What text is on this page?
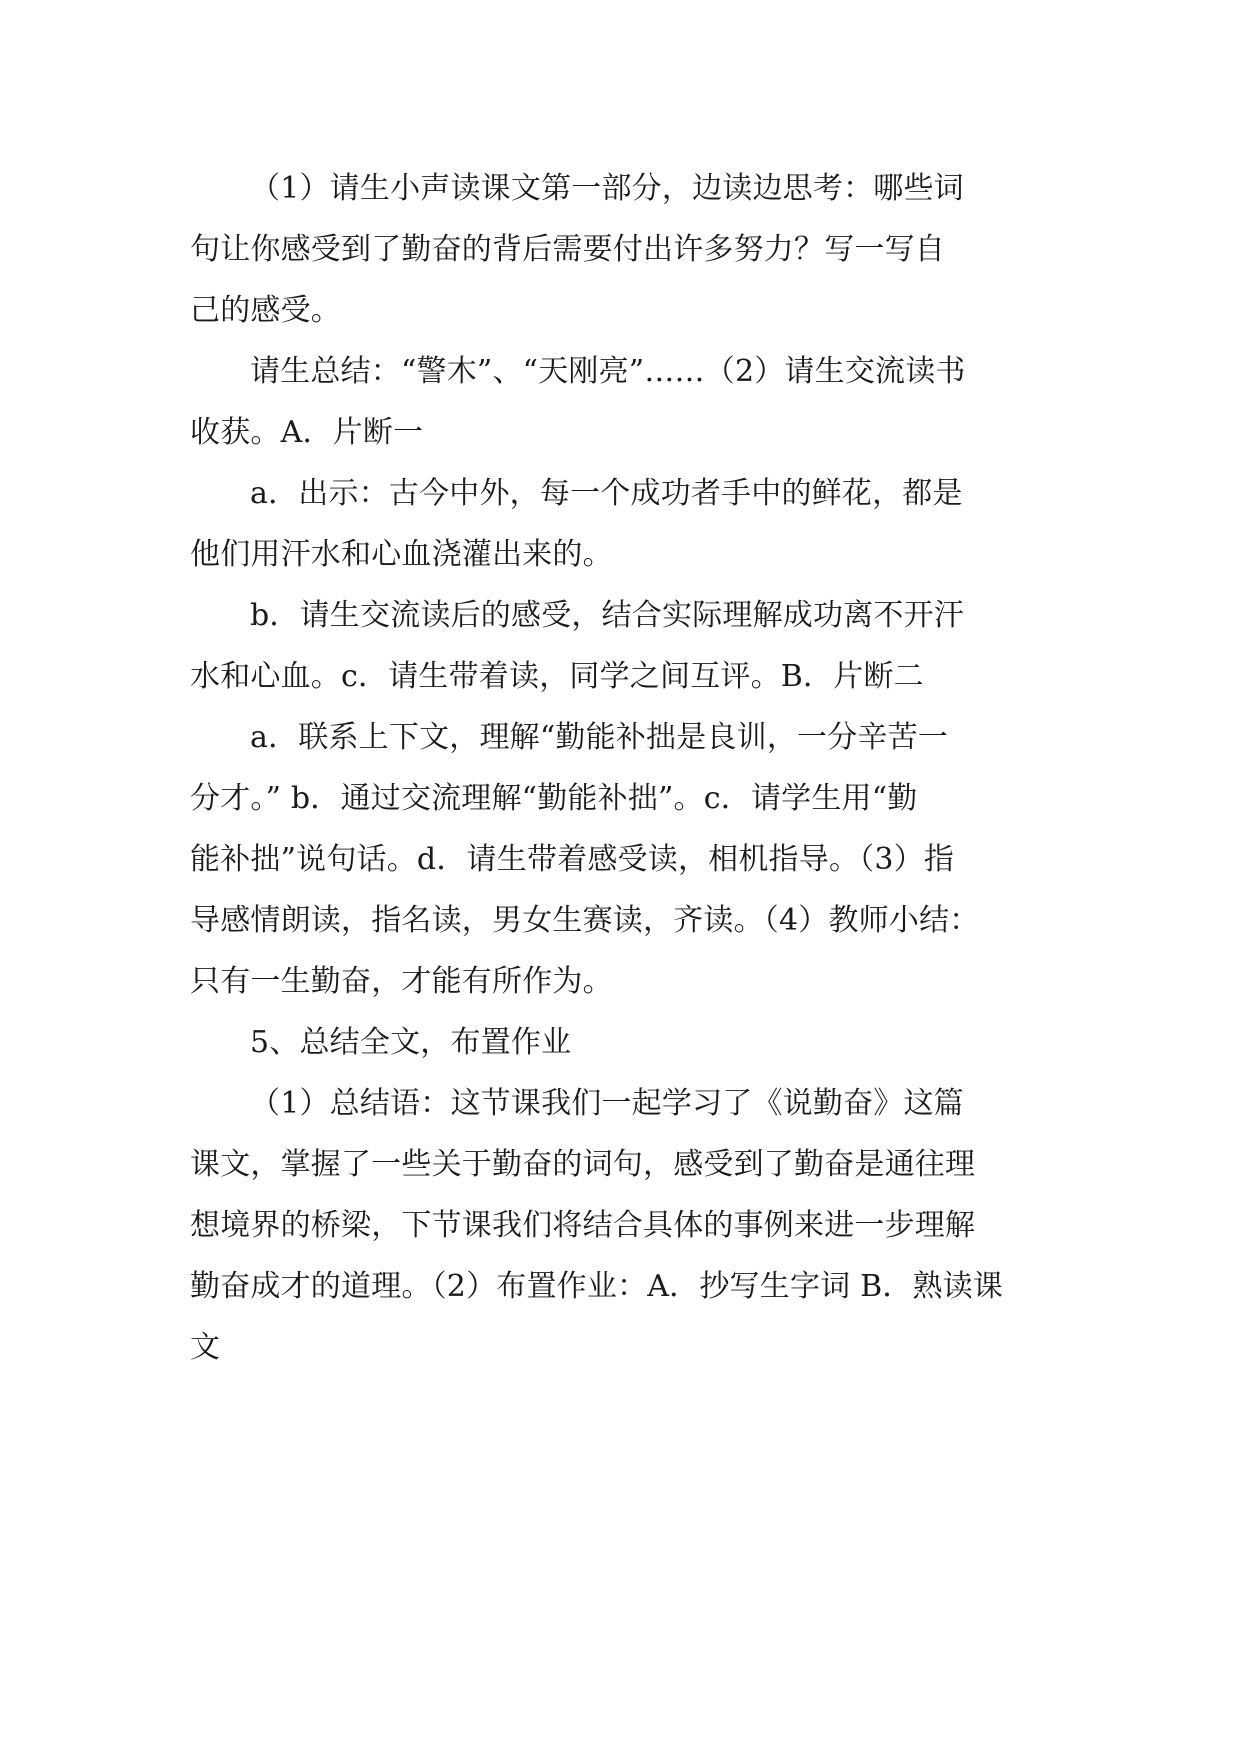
（1）请生小声读课文第一部分，边读边思考：哪些词
句让你感受到了勤奋的背后需要付出许多努力？写一写自
己的感受。
请生总结：“警木”、“天刚亮”……（2）请生交流读书
收获。A．片断一
a．出示：古今中外，每一个成功者手中的鲜花，都是
他们用汗水和心血浇灌出来的。
b．请生交流读后的感受，结合实际理解成功离不开汗
水和心血。c．请生带着读，同学之间互评。B．片断二
a．联系上下文，理解“勤能补拙是良训，一分辛苦一
分才。” b．通过交流理解“勤能补拙”。c．请学生用“勤
能补拙”说句话。d．请生带着感受读，相机指导。（3）指
导感情朗读，指名读，男女生赛读，齐读。（4）教师小结：
只有一生勤奋，才能有所作为。
5、总结全文，布置作业
（1）总结语：这节课我们一起学习了《说勤奋》这篇
课文，掌握了一些关于勤奋的词句，感受到了勤奋是通往理
想境界的桥梁，下节课我们将结合具体的事例来进一步理解
勤奋成才的道理。（2）布置作业：A．抄写生字词 B．熟读课
文
